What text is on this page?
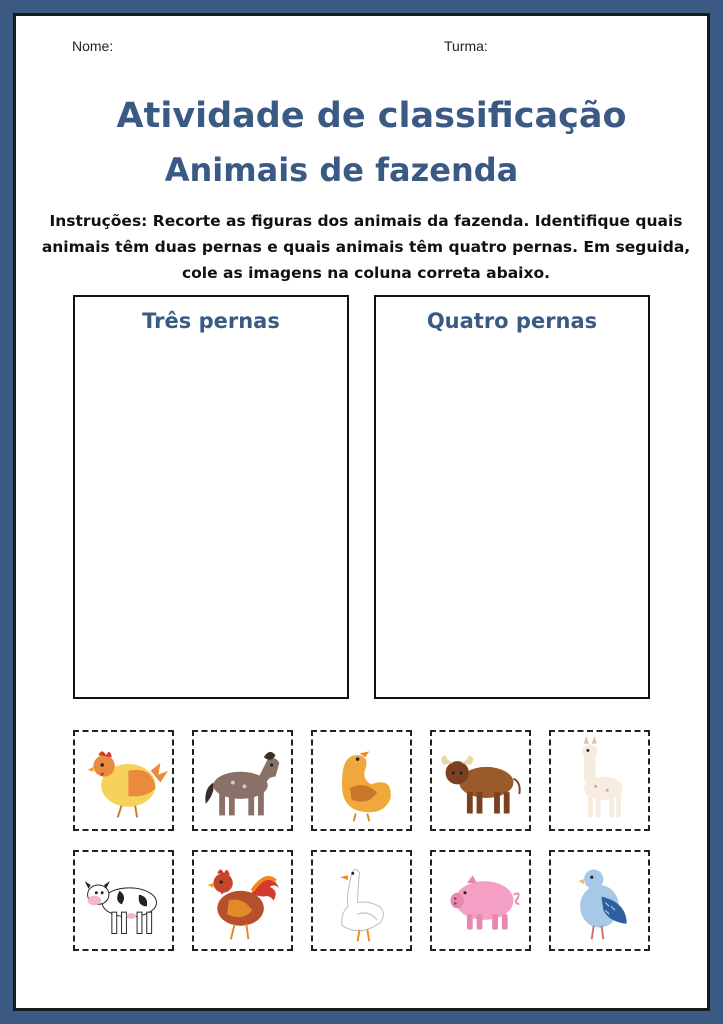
Nome:	Turma:
Atividade de classificação
Animais de fazenda
Instruções: Recorte as figuras dos animais da fazenda. Identifique quais animais têm duas pernas e quais animais têm quatro pernas. Em seguida, cole as imagens na coluna correta abaixo.
Três pernas	Quatro pernas
